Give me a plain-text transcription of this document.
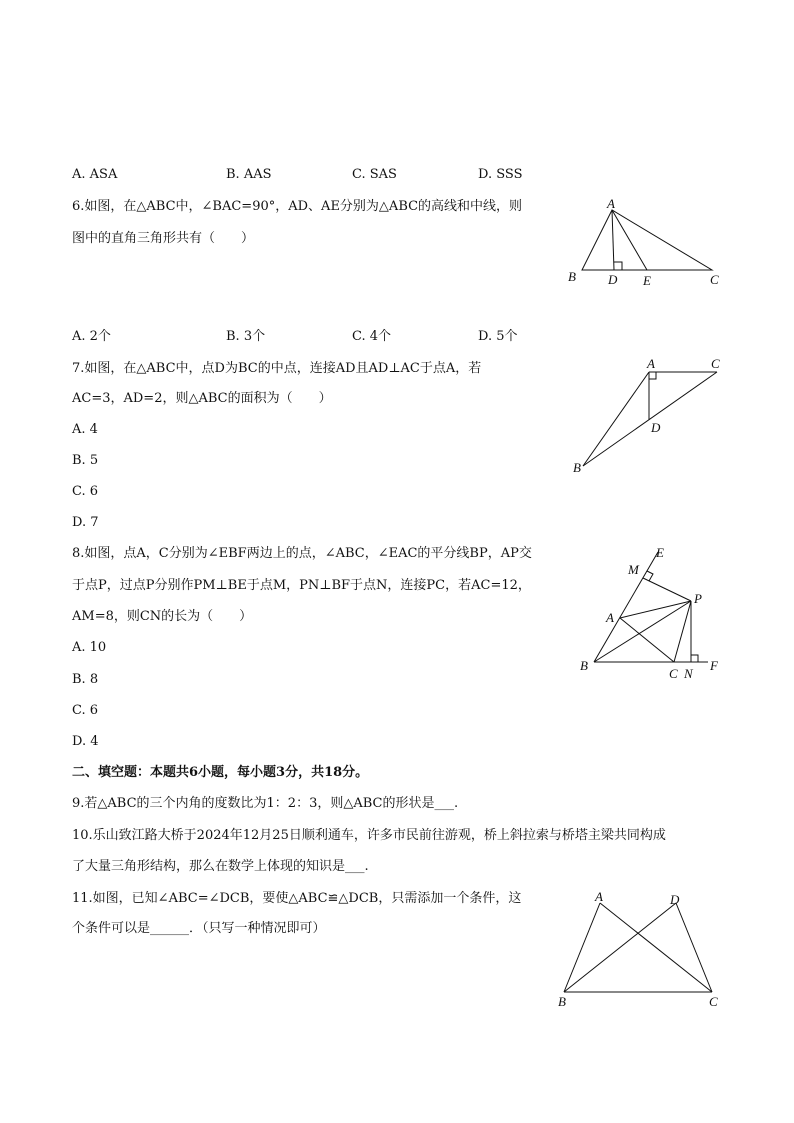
A. ASA	B. AAS	C. SAS	D. SSS
6.如图，在△ABC中，∠BAC=90°，AD、AE分别为△ABC的高线和中线，则
图中的直角三角形共有（　　）
A
B D E	C
A. 2个	B. 3个	C. 4个	D. 5个
7.如图，在△ABC中，点D为BC的中点，连接AD且AD⊥AC于点A，若
AC=3，AD=2，则△ABC的面积为（　　）
A	C
D
B
A. 4
B. 5
C. 6
D. 7
8.如图，点A，C分别为∠EBF两边上的点，∠ABC，∠EAC的平分线BP，AP交
于点P，过点P分别作PM⊥BE于点M，PN⊥BF于点N，连接PC，若AC=12，
AM=8，则CN的长为（　　）
E
M
P
A
B
C N
F
A. 10
B. 8
C. 6
D. 4
二、填空题：本题共6小题，每小题3分，共18分。
9.若△ABC的三个内角的度数比为1：2：3，则△ABC的形状是___.
10.乐山致江路大桥于2024年12月25日顺利通车，许多市民前往游观，桥上斜拉索与桥塔主梁共同构成
了大量三角形结构，那么在数学上体现的知识是___.
11.如图，已知∠ABC=∠DCB，要使△ABC≌△DCB，只需添加一个条件，这
个条件可以是______．（只写一种情况即可）
A	D
B	C
